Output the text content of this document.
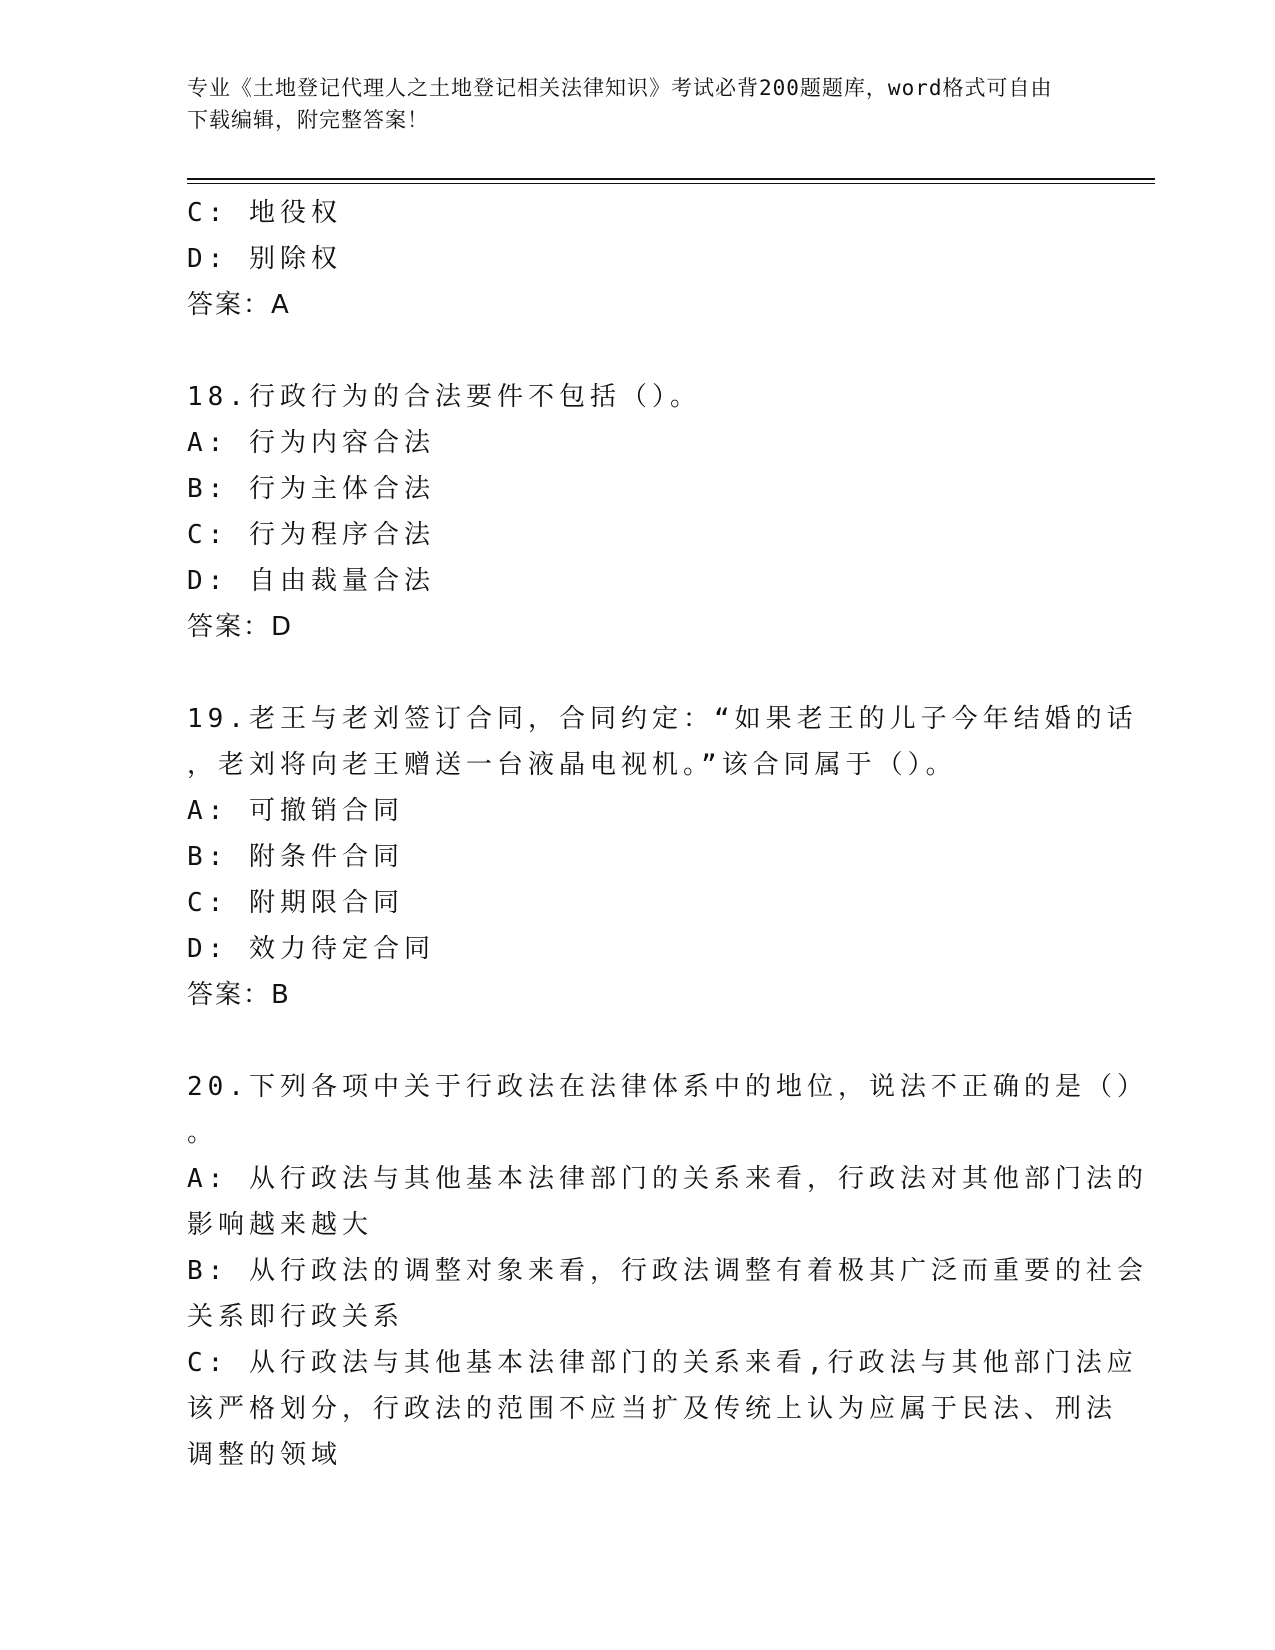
专业《土地登记代理人之土地登记相关法律知识》考试必背200题题库，word格式可自由下载编辑，附完整答案！
C: 地役权
D: 别除权
答案：A
18.行政行为的合法要件不包括（）。
A: 行为内容合法
B: 行为主体合法
C: 行为程序合法
D: 自由裁量合法
答案：D
19.老王与老刘签订合同，合同约定：“如果老王的儿子今年结婚的话
，老刘将向老王赠送一台液晶电视机。”该合同属于（）。
A: 可撤销合同
B: 附条件合同
C: 附期限合同
D: 效力待定合同
答案：B
20.下列各项中关于行政法在法律体系中的地位，说法不正确的是（）
。
A: 从行政法与其他基本法律部门的关系来看，行政法对其他部门法的
影响越来越大
B: 从行政法的调整对象来看，行政法调整有着极其广泛而重要的社会
关系即行政关系
C: 从行政法与其他基本法律部门的关系来看,行政法与其他部门法应
该严格划分，行政法的范围不应当扩及传统上认为应属于民法、刑法
调整的领域
